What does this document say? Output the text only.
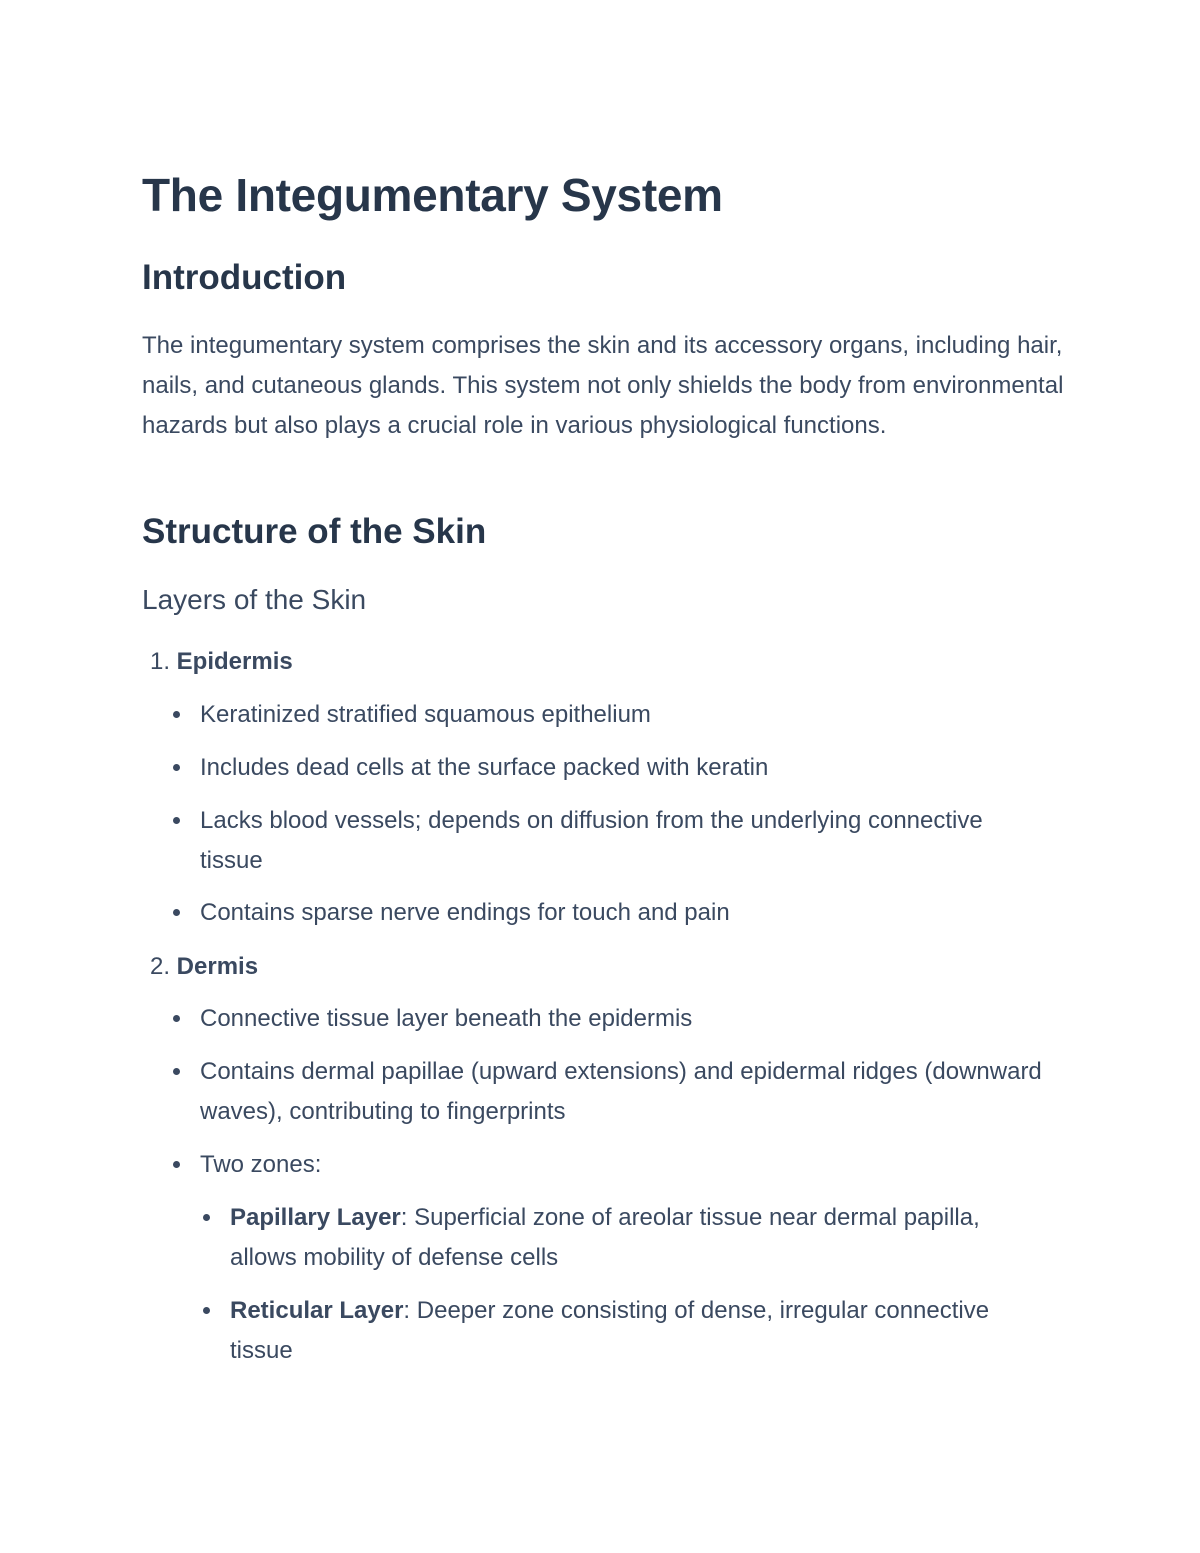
The Integumentary System
Introduction

The integumentary system comprises the skin and its accessory organs, including hair, nails, and cutaneous glands. This system not only shields the body from environmental hazards but also plays a crucial role in various physiological functions.

Structure of the Skin
Layers of the Skin
1. Epidermis
Keratinized stratified squamous epithelium
Includes dead cells at the surface packed with keratin
Lacks blood vessels; depends on diffusion from the underlying connective tissue
Contains sparse nerve endings for touch and pain
2. Dermis
Connective tissue layer beneath the epidermis
Contains dermal papillae (upward extensions) and epidermal ridges (downward waves), contributing to fingerprints
Two zones:
Papillary Layer: Superficial zone of areolar tissue near dermal papilla, allows mobility of defense cells
Reticular Layer: Deeper zone consisting of dense, irregular connective tissue
